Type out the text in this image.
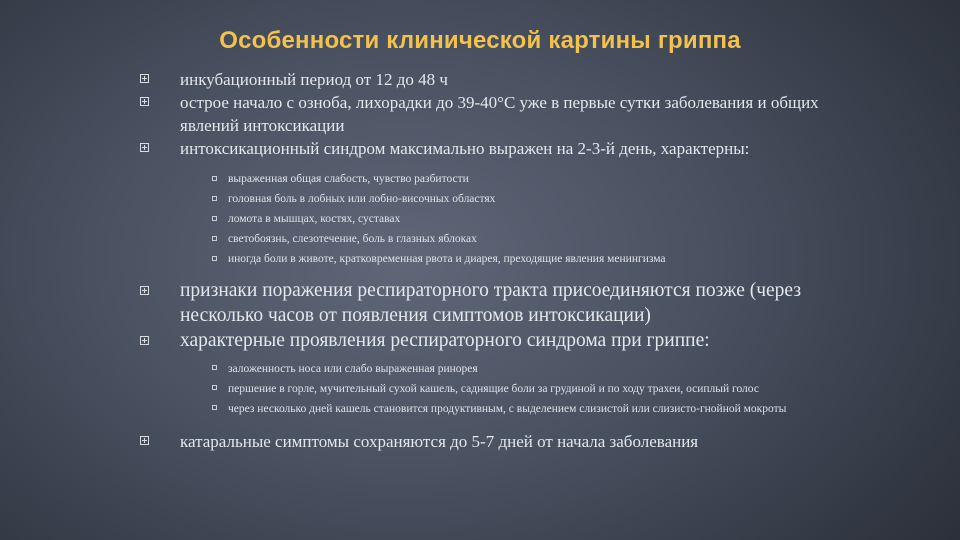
Особенности клинической картины гриппа
инкубационный период от 12 до 48 ч
острое начало с озноба, лихорадки до 39-40°С уже в первые сутки заболевания и общих явлений интоксикации
интоксикационный синдром максимально выражен на 2-3-й день, характерны:
выраженная общая слабость, чувство разбитости
головная боль в лобных или лобно-височных областях
ломота в мышцах, костях, суставах
светобоязнь, слезотечение, боль в глазных яблоках
иногда боли в животе, кратковременная рвота и диарея, преходящие явления менингизма
признаки поражения респираторного тракта присоединяются позже (через несколько часов от появления симптомов интоксикации)
характерные проявления респираторного синдрома при гриппе:
заложенность носа или слабо выраженная ринорея
першение в горле, мучительный сухой кашель, саднящие боли за грудиной и по ходу трахеи, осиплый голос
через несколько дней кашель становится продуктивным, с выделением слизистой или слизисто-гнойной мокроты
катаральные симптомы сохраняются до 5-7 дней от начала заболевания
